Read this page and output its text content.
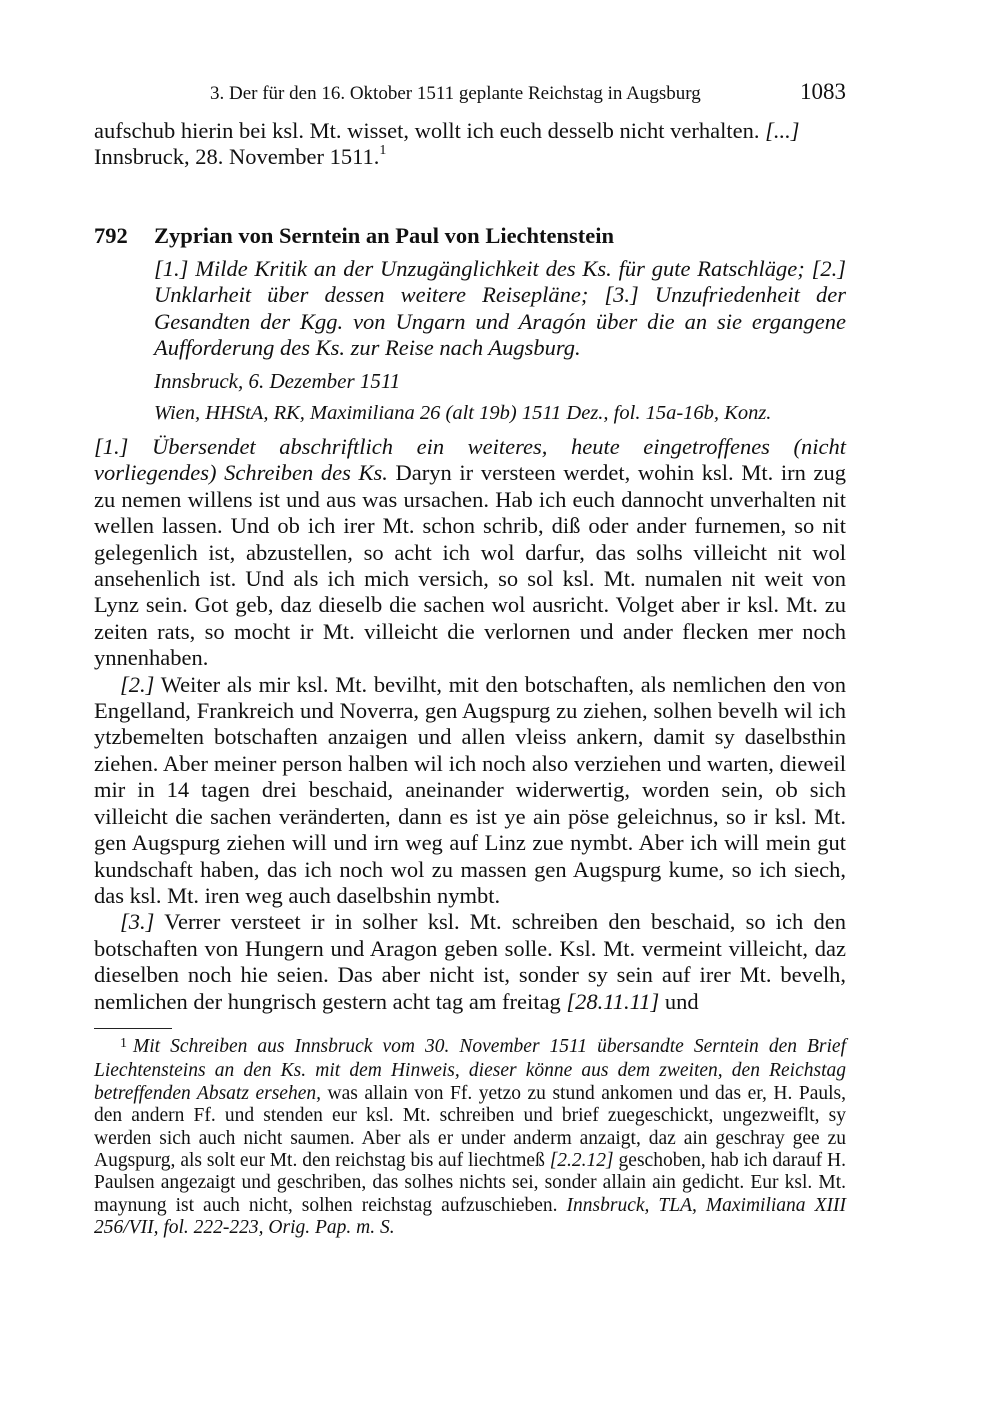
3. Der für den 16. Oktober 1511 geplante Reichstag in Augsburg	1083

aufschub hierin bei ksl. Mt. wisset, wollt ich euch desselb nicht verhalten. [...]
Innsbruck, 28. November 1511.$^1$

792 Zyprian von Serntein an Paul von Liechtenstein

[1.] Milde Kritik an der Unzugänglichkeit des Ks. für gute Ratschläge; [2.] Unklarheit über dessen weitere Reisepläne; [3.] Unzufriedenheit der Gesandten der Kgg. von Ungarn und Aragón über die an sie ergangene Aufforderung des Ks. zur Reise nach Augsburg.

Innsbruck, 6. Dezember 1511

Wien, HHStA, RK, Maximiliana 26 (alt 19b) 1511 Dez., fol. 15a-16b, Konz.

[1.] Übersendet abschriftlich ein weiteres, heute eingetroffenes (nicht vorliegendes) Schreiben des Ks. Daryn ir versteen werdet, wohin ksl. Mt. irn zug zu nemen willens ist und aus was ursachen. Hab ich euch dannocht unverhalten nit wellen lassen. Und ob ich irer Mt. schon schrib, diß oder ander furnemen, so nit gelegenlich ist, abzustellen, so acht ich wol darfur, das solhs villeicht nit wol ansehenlich ist. Und als ich mich versich, so sol ksl. Mt. numalen nit weit von Lynz sein. Got geb, daz dieselb die sachen wol ausricht. Volget aber ir ksl. Mt. zu zeiten rats, so mocht ir Mt. villeicht die verlornen und ander flecken mer noch ynnenhaben.

[2.] Weiter als mir ksl. Mt. bevilht, mit den botschaften, als nemlichen den von Engelland, Frankreich und Noverra, gen Augspurg zu ziehen, solhen bevelh wil ich ytzbemelten botschaften anzaigen und allen vleiss ankern, damit sy daselbsthin ziehen. Aber meiner person halben wil ich noch also verziehen und warten, dieweil mir in 14 tagen drei beschaid, aneinander widerwertig, worden sein, ob sich villeicht die sachen veränderten, dann es ist ye ain pöse geleichnus, so ir ksl. Mt. gen Augspurg ziehen will und irn weg auf Linz zue nymbt. Aber ich will mein gut kundschaft haben, das ich noch wol zu massen gen Augspurg kume, so ich siech, das ksl. Mt. iren weg auch daselbshin nymbt.

[3.] Verrer versteet ir in solher ksl. Mt. schreiben den beschaid, so ich den botschaften von Hungern und Aragon geben solle. Ksl. Mt. vermeint villeicht, daz dieselben noch hie seien. Das aber nicht ist, sonder sy sein auf irer Mt. bevelh, nemlichen der hungrisch gestern acht tag am freitag [28.11.11] und

$^1$ Mit Schreiben aus Innsbruck vom 30. November 1511 übersandte Serntein den Brief Liechtensteins an den Ks. mit dem Hinweis, dieser könne aus dem zweiten, den Reichstag betreffenden Absatz ersehen, was allain von Ff. yetzo zu stund ankomen und das er, H. Pauls, den andern Ff. und stenden eur ksl. Mt. schreiben und brief zuegeschickt, ungezweiflt, sy werden sich auch nicht saumen. Aber als er under anderm anzaigt, daz ain geschray gee zu Augspurg, als solt eur Mt. den reichstag bis auf liechtmeß [2.2.12] geschoben, hab ich darauf H. Paulsen angezaigt und geschriben, das solhes nichts sei, sonder allain ain gedicht. Eur ksl. Mt. maynung ist auch nicht, solhen reichstag aufzuschieben. Innsbruck, TLA, Maximiliana XIII 256/VII, fol. 222-223, Orig. Pap. m. S.
